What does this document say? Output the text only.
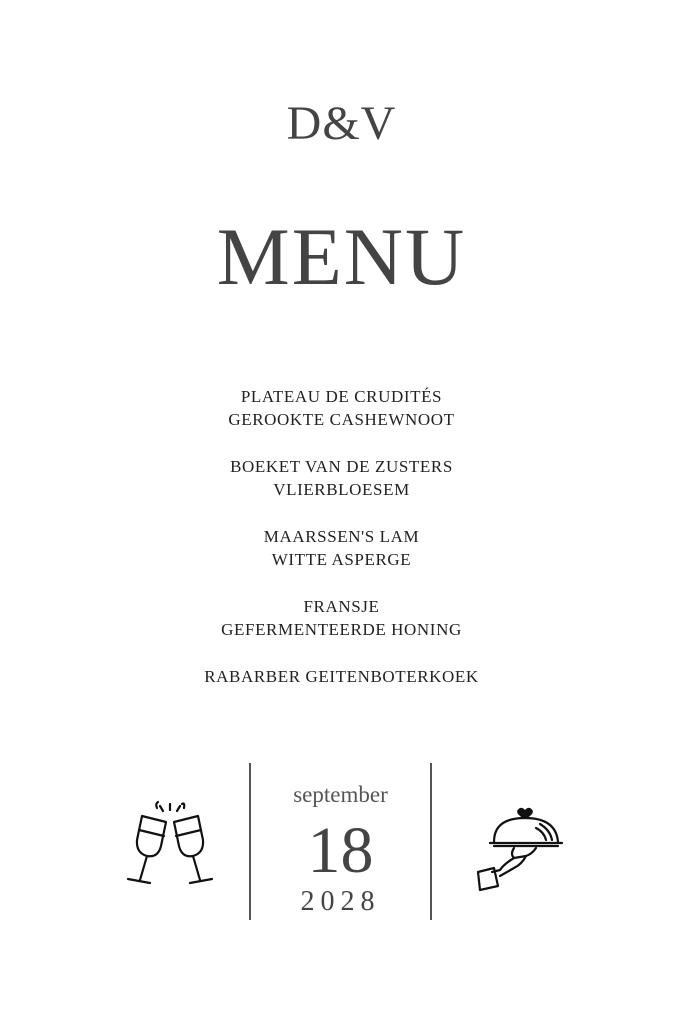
D&V
MENU
PLATEAU DE CRUDITÉS
GEROOKTE CASHEWNOOT
BOEKET VAN DE ZUSTERS
VLIERBLOESEM
MAARSSEN'S LAM
WITTE ASPERGE
FRANSJE
GEFERMENTEERDE HONING
RABARBER GEITENBOTERKOEK
september
18
2028
